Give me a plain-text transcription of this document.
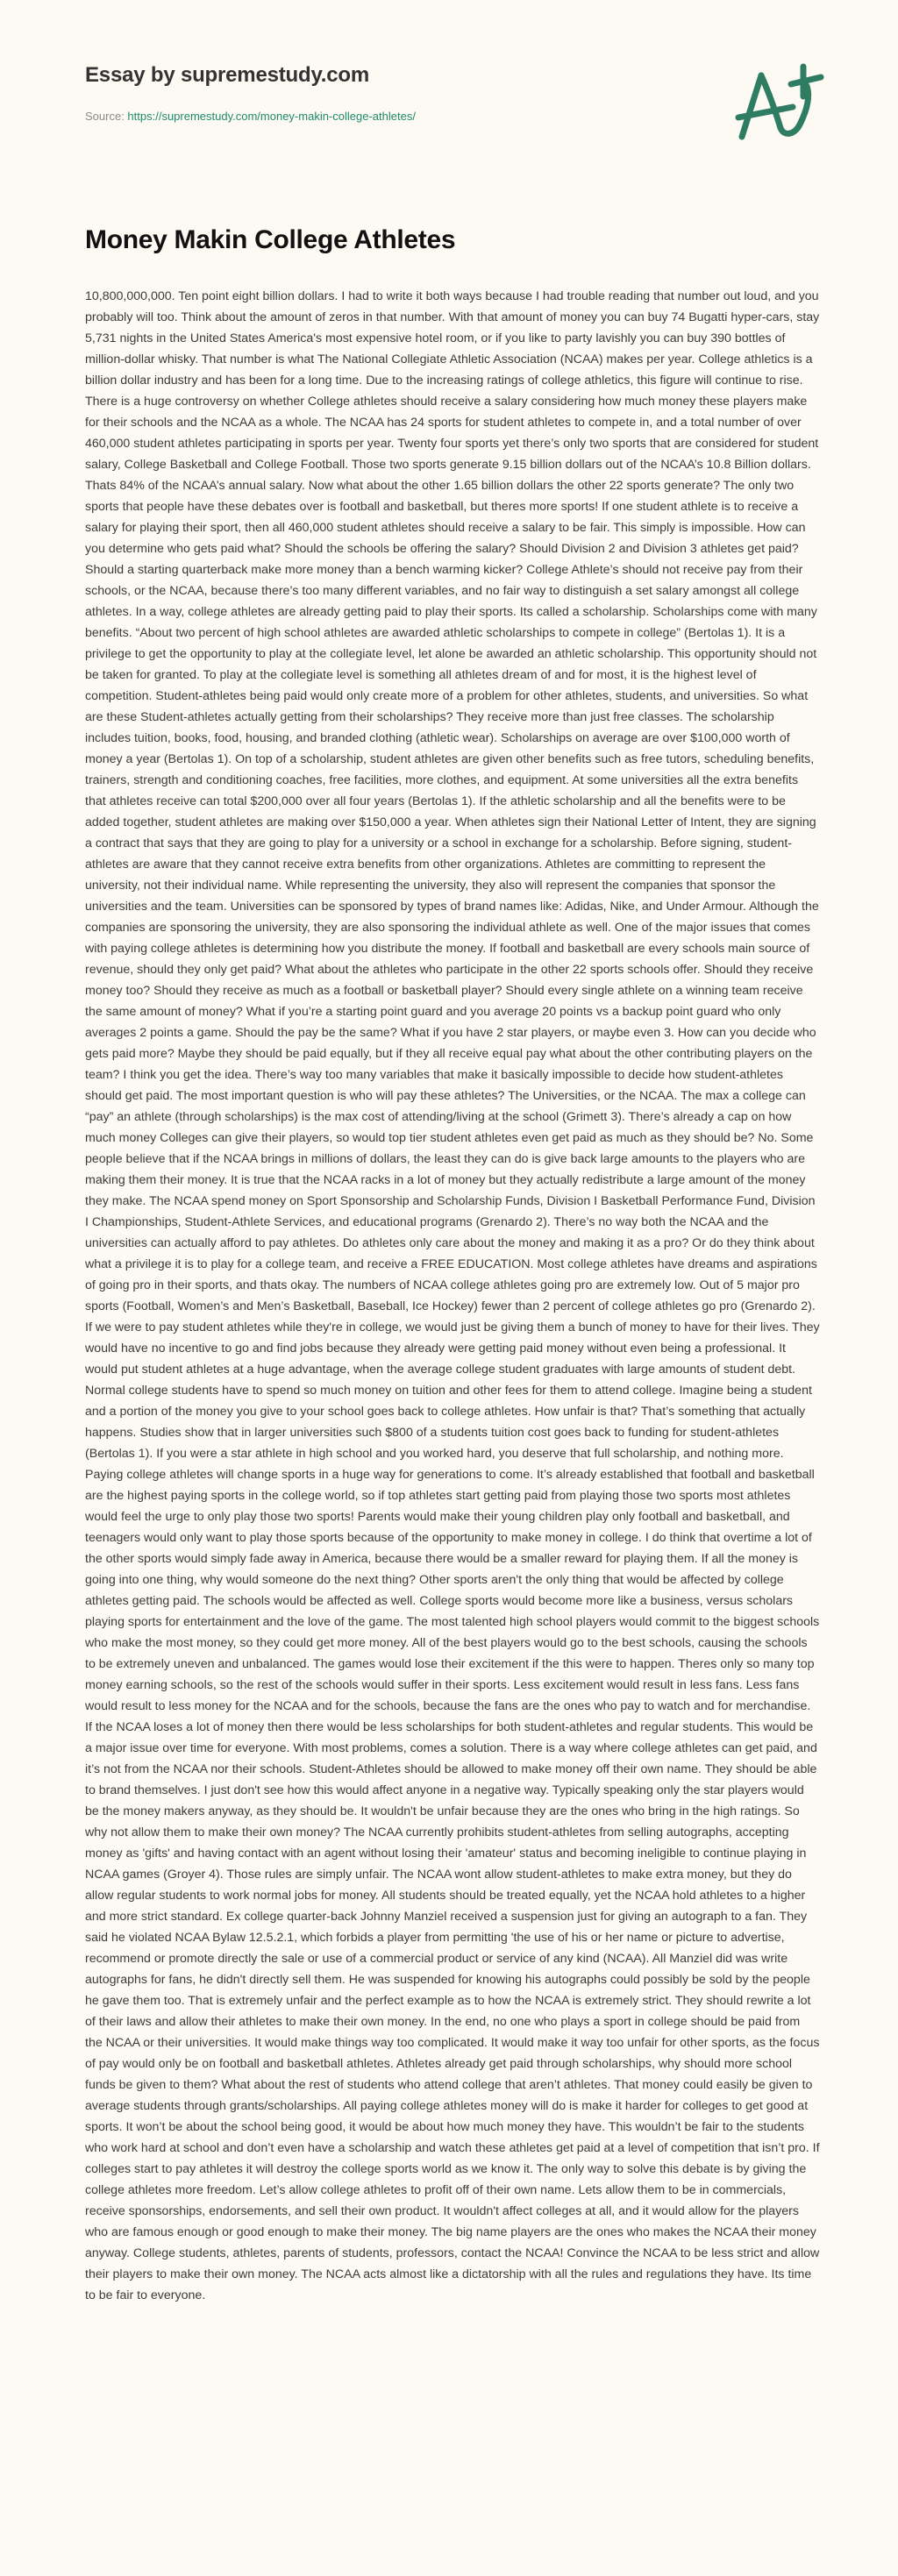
Essay by supremestudy.com

Source: https://supremestudy.com/money-makin-college-athletes/

Money Makin College Athletes

10,800,000,000. Ten point eight billion dollars. I had to write it both ways because I had trouble reading that number out loud, and you probably will too. Think about the amount of zeros in that number. With that amount of money you can buy 74 Bugatti hyper-cars, stay 5,731 nights in the United States America's most expensive hotel room, or if you like to party lavishly you can buy 390 bottles of million-dollar whisky. That number is what The National Collegiate Athletic Association (NCAA) makes per year. College athletics is a billion dollar industry and has been for a long time. Due to the increasing ratings of college athletics, this figure will continue to rise. There is a huge controversy on whether College athletes should receive a salary considering how much money these players make for their schools and the NCAA as a whole. The NCAA has 24 sports for student athletes to compete in, and a total number of over 460,000 student athletes participating in sports per year. Twenty four sports yet there’s only two sports that are considered for student salary, College Basketball and College Football. Those two sports generate 9.15 billion dollars out of the NCAA’s 10.8 Billion dollars. Thats 84% of the NCAA’s annual salary. Now what about the other 1.65 billion dollars the other 22 sports generate? The only two sports that people have these debates over is football and basketball, but theres more sports! If one student athlete is to receive a salary for playing their sport, then all 460,000 student athletes should receive a salary to be fair. This simply is impossible. How can you determine who gets paid what? Should the schools be offering the salary? Should Division 2 and Division 3 athletes get paid? Should a starting quarterback make more money than a bench warming kicker? College Athlete’s should not receive pay from their schools, or the NCAA, because there’s too many different variables, and no fair way to distinguish a set salary amongst all college athletes. In a way, college athletes are already getting paid to play their sports. Its called a scholarship. Scholarships come with many benefits. “About two percent of high school athletes are awarded athletic scholarships to compete in college” (Bertolas 1). It is a privilege to get the opportunity to play at the collegiate level, let alone be awarded an athletic scholarship. This opportunity should not be taken for granted. To play at the collegiate level is something all athletes dream of and for most, it is the highest level of competition. Student-athletes being paid would only create more of a problem for other athletes, students, and universities. So what are these Student-athletes actually getting from their scholarships? They receive more than just free classes. The scholarship includes tuition, books, food, housing, and branded clothing (athletic wear). Scholarships on average are over $100,000 worth of money a year (Bertolas 1). On top of a scholarship, student athletes are given other benefits such as free tutors, scheduling benefits, trainers, strength and conditioning coaches, free facilities, more clothes, and equipment. At some universities all the extra benefits that athletes receive can total $200,000 over all four years (Bertolas 1). If the athletic scholarship and all the benefits were to be added together, student athletes are making over $150,000 a year. When athletes sign their National Letter of Intent, they are signing a contract that says that they are going to play for a university or a school in exchange for a scholarship. Before signing, student-athletes are aware that they cannot receive extra benefits from other organizations. Athletes are committing to represent the university, not their individual name. While representing the university, they also will represent the companies that sponsor the universities and the team. Universities can be sponsored by types of brand names like: Adidas, Nike, and Under Armour. Although the companies are sponsoring the university, they are also sponsoring the individual athlete as well. One of the major issues that comes with paying college athletes is determining how you distribute the money. If football and basketball are every schools main source of revenue, should they only get paid? What about the athletes who participate in the other 22 sports schools offer. Should they receive money too? Should they receive as much as a football or basketball player? Should every single athlete on a winning team receive the same amount of money? What if you’re a starting point guard and you average 20 points vs a backup point guard who only averages 2 points a game. Should the pay be the same? What if you have 2 star players, or maybe even 3. How can you decide who gets paid more? Maybe they should be paid equally, but if they all receive equal pay what about the other contributing players on the team? I think you get the idea. There’s way too many variables that make it basically impossible to decide how student-athletes should get paid. The most important question is who will pay these athletes? The Universities, or the NCAA. The max a college can “pay” an athlete (through scholarships) is the max cost of attending/living at the school (Grimett 3). There’s already a cap on how much money Colleges can give their players, so would top tier student athletes even get paid as much as they should be? No. Some people believe that if the NCAA brings in millions of dollars, the least they can do is give back large amounts to the players who are making them their money. It is true that the NCAA racks in a lot of money but they actually redistribute a large amount of the money they make. The NCAA spend money on Sport Sponsorship and Scholarship Funds, Division I Basketball Performance Fund, Division I Championships, Student-Athlete Services, and educational programs (Grenardo 2). There’s no way both the NCAA and the universities can actually afford to pay athletes. Do athletes only care about the money and making it as a pro? Or do they think about what a privilege it is to play for a college team, and receive a FREE EDUCATION. Most college athletes have dreams and aspirations of going pro in their sports, and thats okay. The numbers of NCAA college athletes going pro are extremely low. Out of 5 major pro sports (Football, Women’s and Men’s Basketball, Baseball, Ice Hockey) fewer than 2 percent of college athletes go pro (Grenardo 2). If we were to pay student athletes while they're in college, we would just be giving them a bunch of money to have for their lives. They would have no incentive to go and find jobs because they already were getting paid money without even being a professional. It would put student athletes at a huge advantage, when the average college student graduates with large amounts of student debt. Normal college students have to spend so much money on tuition and other fees for them to attend college. Imagine being a student and a portion of the money you give to your school goes back to college athletes. How unfair is that? That’s something that actually happens. Studies show that in larger universities such $800 of a students tuition cost goes back to funding for student-athletes (Bertolas 1). If you were a star athlete in high school and you worked hard, you deserve that full scholarship, and nothing more. Paying college athletes will change sports in a huge way for generations to come. It’s already established that football and basketball are the highest paying sports in the college world, so if top athletes start getting paid from playing those two sports most athletes would feel the urge to only play those two sports! Parents would make their young children play only football and basketball, and teenagers would only want to play those sports because of the opportunity to make money in college. I do think that overtime a lot of the other sports would simply fade away in America, because there would be a smaller reward for playing them. If all the money is going into one thing, why would someone do the next thing? Other sports aren't the only thing that would be affected by college athletes getting paid. The schools would be affected as well. College sports would become more like a business, versus scholars playing sports for entertainment and the love of the game. The most talented high school players would commit to the biggest schools who make the most money, so they could get more money. All of the best players would go to the best schools, causing the schools to be extremely uneven and unbalanced. The games would lose their excitement if the this were to happen. Theres only so many top money earning schools, so the rest of the schools would suffer in their sports. Less excitement would result in less fans. Less fans would result to less money for the NCAA and for the schools, because the fans are the ones who pay to watch and for merchandise. If the NCAA loses a lot of money then there would be less scholarships for both student-athletes and regular students. This would be a major issue over time for everyone. With most problems, comes a solution. There is a way where college athletes can get paid, and it’s not from the NCAA nor their schools. Student-Athletes should be allowed to make money off their own name. They should be able to brand themselves. I just don't see how this would affect anyone in a negative way. Typically speaking only the star players would be the money makers anyway, as they should be. It wouldn't be unfair because they are the ones who bring in the high ratings. So why not allow them to make their own money? The NCAA currently prohibits student-athletes from selling autographs, accepting money as 'gifts' and having contact with an agent without losing their 'amateur' status and becoming ineligible to continue playing in NCAA games (Groyer 4). Those rules are simply unfair. The NCAA wont allow student-athletes to make extra money, but they do allow regular students to work normal jobs for money. All students should be treated equally, yet the NCAA hold athletes to a higher and more strict standard. Ex college quarter-back Johnny Manziel received a suspension just for giving an autograph to a fan. They said he violated NCAA Bylaw 12.5.2.1, which forbids a player from permitting 'the use of his or her name or picture to advertise, recommend or promote directly the sale or use of a commercial product or service of any kind (NCAA). All Manziel did was write autographs for fans, he didn't directly sell them. He was suspended for knowing his autographs could possibly be sold by the people he gave them too. That is extremely unfair and the perfect example as to how the NCAA is extremely strict. They should rewrite a lot of their laws and allow their athletes to make their own money. In the end, no one who plays a sport in college should be paid from the NCAA or their universities. It would make things way too complicated. It would make it way too unfair for other sports, as the focus of pay would only be on football and basketball athletes. Athletes already get paid through scholarships, why should more school funds be given to them? What about the rest of students who attend college that aren’t athletes. That money could easily be given to average students through grants/scholarships. All paying college athletes money will do is make it harder for colleges to get good at sports. It won’t be about the school being good, it would be about how much money they have. This wouldn’t be fair to the students who work hard at school and don’t even have a scholarship and watch these athletes get paid at a level of competition that isn’t pro. If colleges start to pay athletes it will destroy the college sports world as we know it. The only way to solve this debate is by giving the college athletes more freedom. Let’s allow college athletes to profit off of their own name. Lets allow them to be in commercials, receive sponsorships, endorsements, and sell their own product. It wouldn't affect colleges at all, and it would allow for the players who are famous enough or good enough to make their money. The big name players are the ones who makes the NCAA their money anyway. College students, athletes, parents of students, professors, contact the NCAA! Convince the NCAA to be less strict and allow their players to make their own money. The NCAA acts almost like a dictatorship with all the rules and regulations they have. Its time to be fair to everyone.
